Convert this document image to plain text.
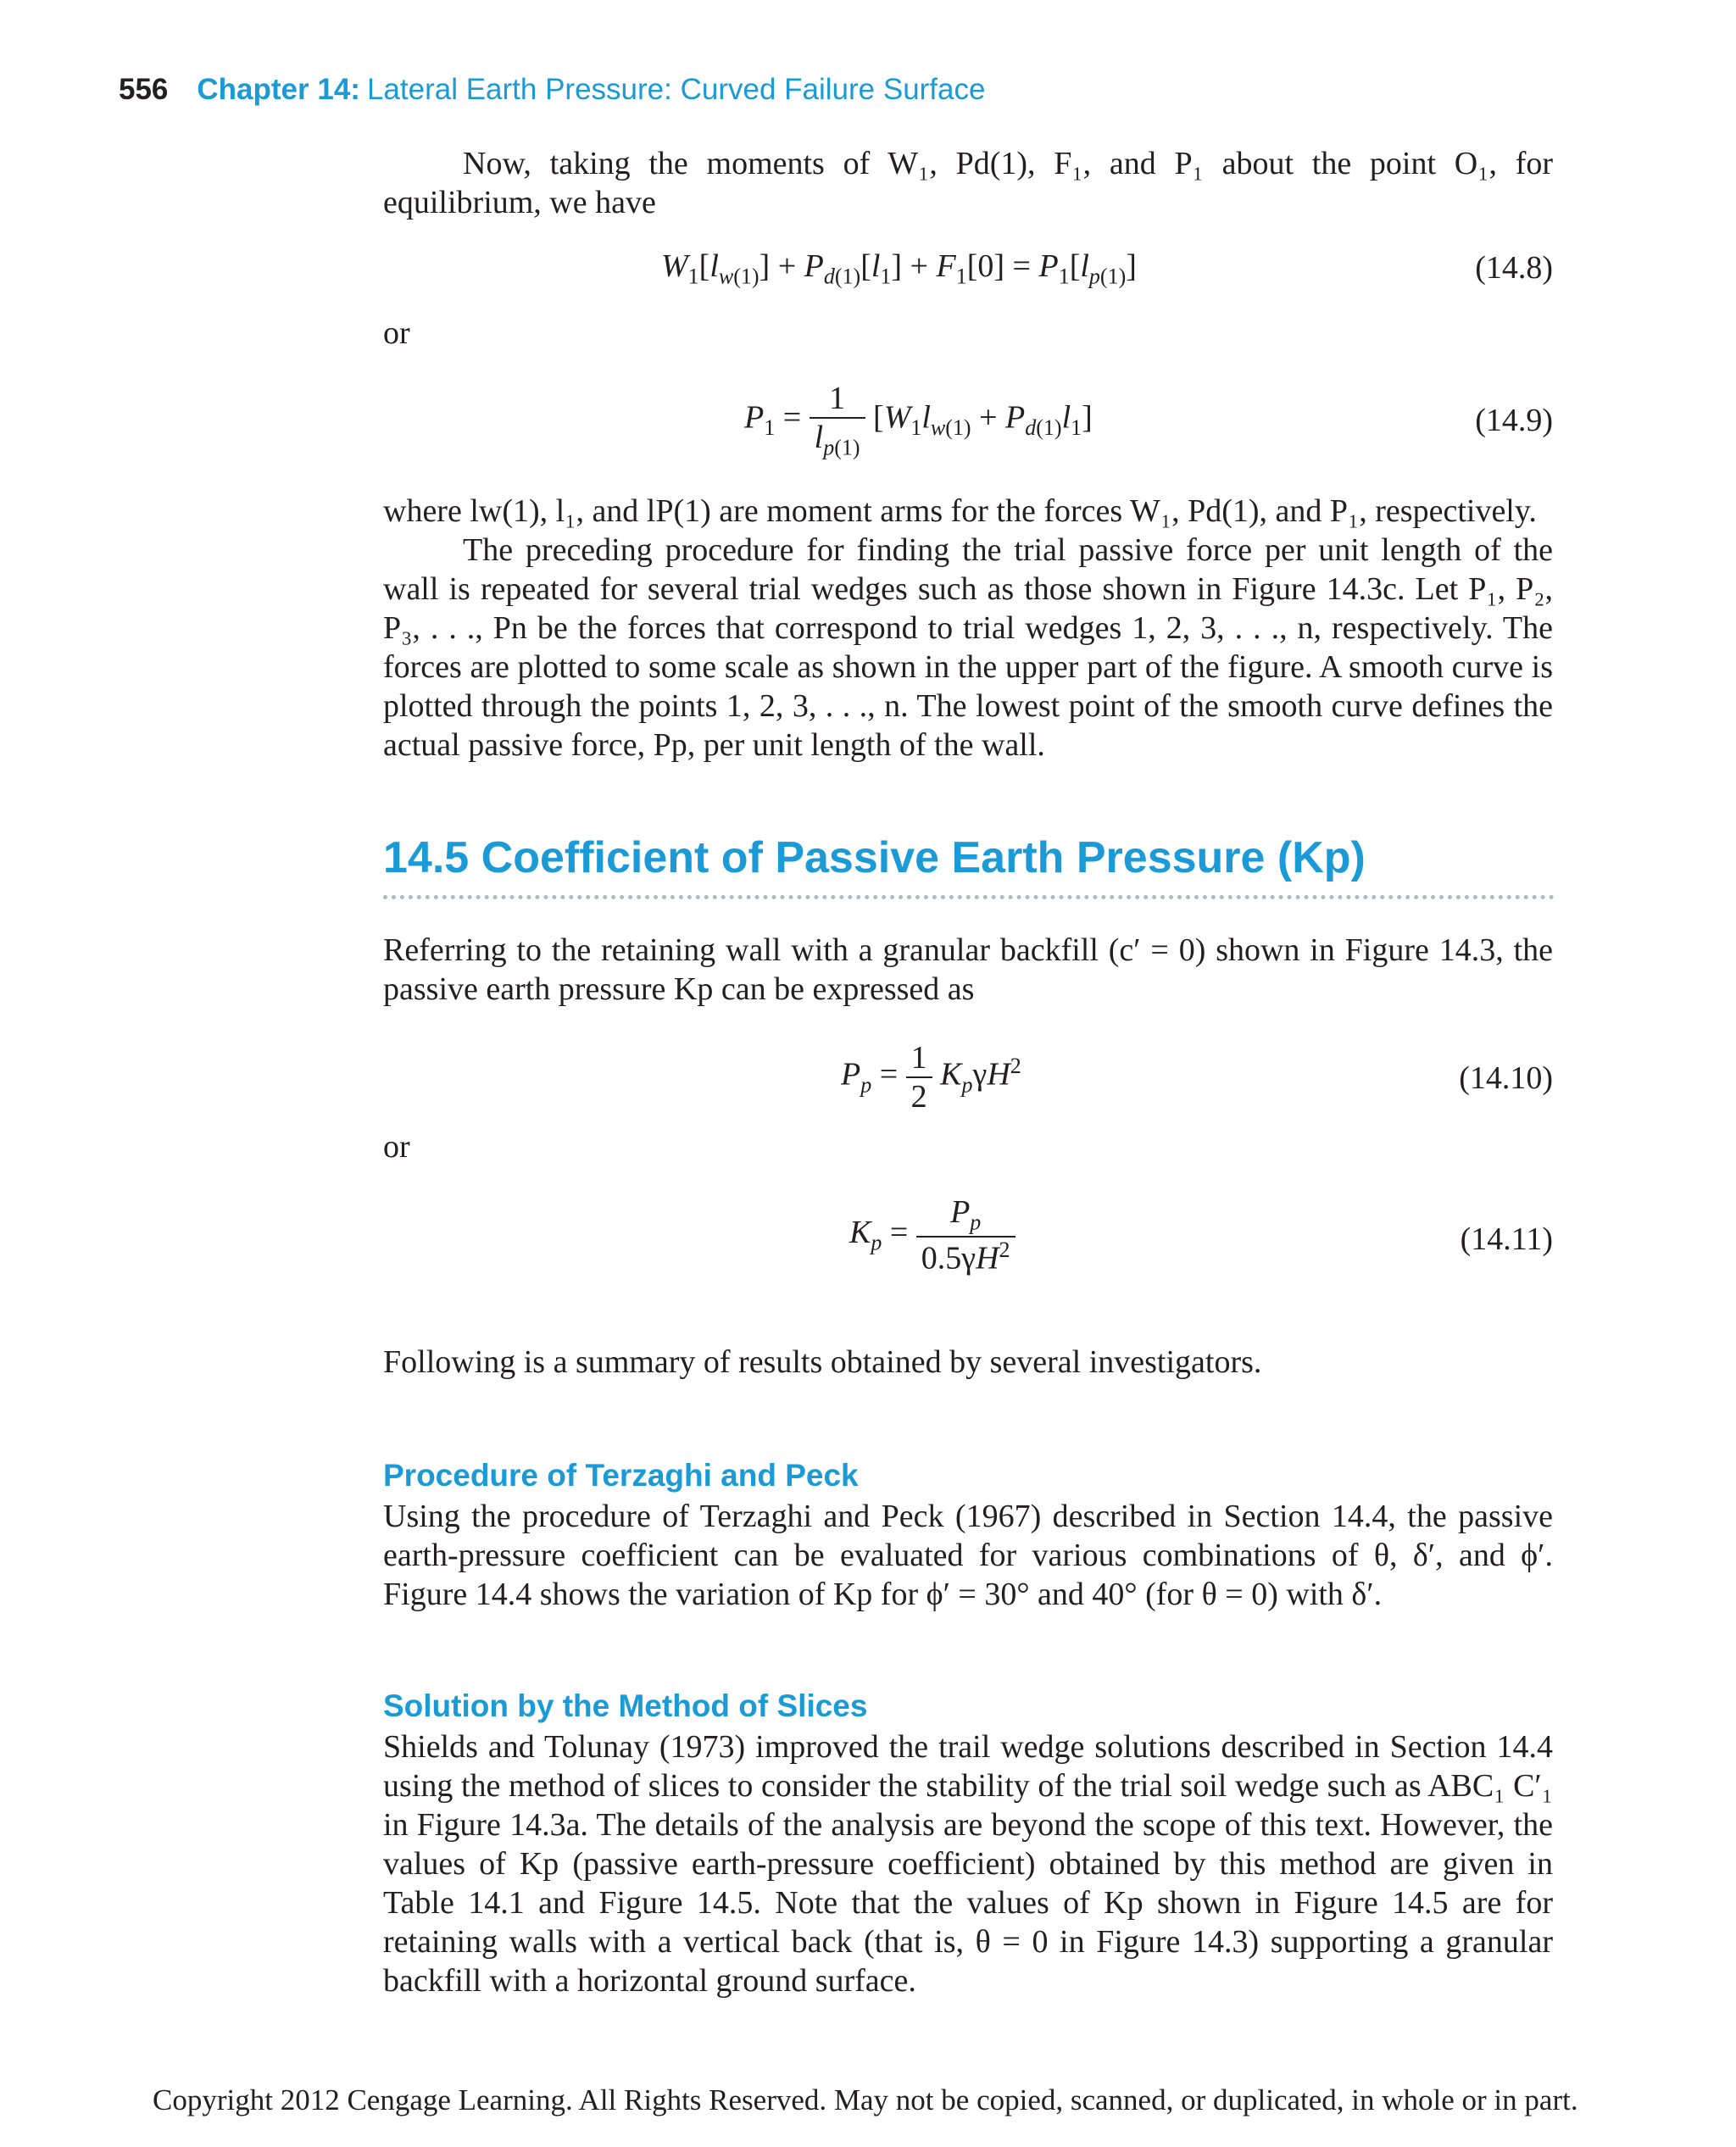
556 Chapter 14: Lateral Earth Pressure: Curved Failure Surface
Now, taking the moments of W₁, Pd(1), F₁, and P₁ about the point O₁, for equilibrium, we have
$W_1[l_{w(1)}] + P_{d(1)}[l_1] + F_1[0] = P_1[l_{p(1)}]$	(14.8)
or
$P_1 = \frac{1}{l_{p(1)}} [W_1l_{w(1)} + P_{d(1)}l_1]$	(14.9)
where lw(1), l₁, and lP(1) are moment arms for the forces W₁, Pd(1), and P₁, respectively.
The preceding procedure for finding the trial passive force per unit length of the wall is repeated for several trial wedges such as those shown in Figure 14.3c. Let P₁, P₂, P₃, . . ., Pn be the forces that correspond to trial wedges 1, 2, 3, . . ., n, respectively. The forces are plotted to some scale as shown in the upper part of the figure. A smooth curve is plotted through the points 1, 2, 3, . . ., n. The lowest point of the smooth curve defines the actual passive force, Pp, per unit length of the wall.
14.5 Coefficient of Passive Earth Pressure (Kp)
Referring to the retaining wall with a granular backfill (c′ = 0) shown in Figure 14.3, the passive earth pressure Kp can be expressed as
$P_p = \frac{1}{2} K_p\gamma H^2$	(14.10)
or
$K_p = \frac{P_p}{0.5\gamma H^2}$	(14.11)
Following is a summary of results obtained by several investigators.
Procedure of Terzaghi and Peck
Using the procedure of Terzaghi and Peck (1967) described in Section 14.4, the passive earth-pressure coefficient can be evaluated for various combinations of θ, δ′, and ϕ′. Figure 14.4 shows the variation of Kp for ϕ′ = 30° and 40° (for θ = 0) with δ′.
Solution by the Method of Slices
Shields and Tolunay (1973) improved the trail wedge solutions described in Section 14.4 using the method of slices to consider the stability of the trial soil wedge such as ABC₁ C′₁ in Figure 14.3a. The details of the analysis are beyond the scope of this text. However, the values of Kp (passive earth-pressure coefficient) obtained by this method are given in Table 14.1 and Figure 14.5. Note that the values of Kp shown in Figure 14.5 are for retaining walls with a vertical back (that is, θ = 0 in Figure 14.3) supporting a granular backfill with a horizontal ground surface.
Copyright 2012 Cengage Learning. All Rights Reserved. May not be copied, scanned, or duplicated, in whole or in part.
